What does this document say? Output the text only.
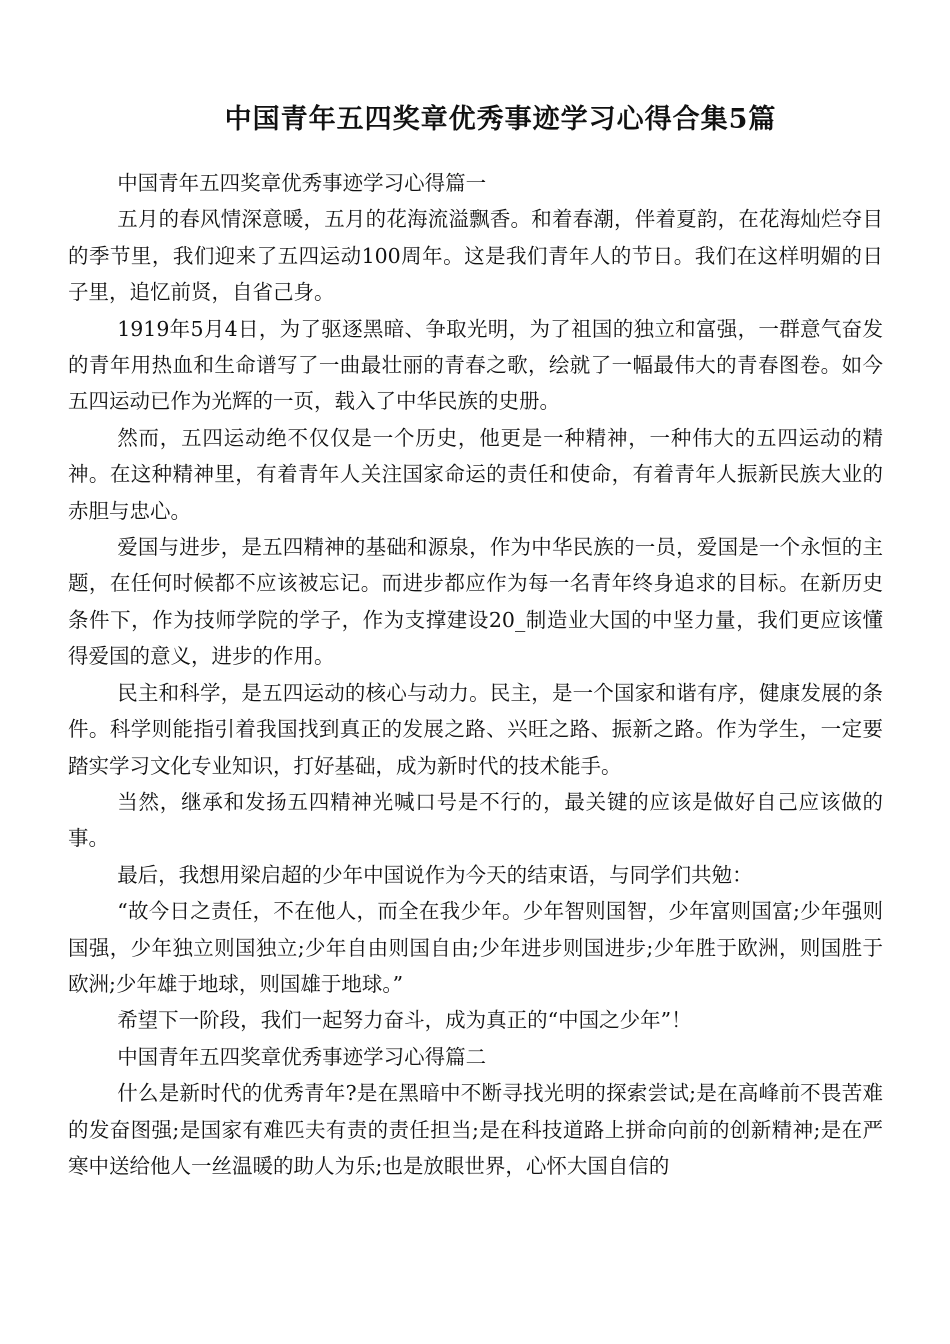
中国青年五四奖章优秀事迹学习心得合集5篇

中国青年五四奖章优秀事迹学习心得篇一

五月的春风情深意暖，五月的花海流溢飘香。和着春潮，伴着夏韵，在花海灿烂夺目的季节里，我们迎来了五四运动100周年。这是我们青年人的节日。我们在这样明媚的日子里，追忆前贤，自省己身。

1919年5月4日，为了驱逐黑暗、争取光明，为了祖国的独立和富强，一群意气奋发的青年用热血和生命谱写了一曲最壮丽的青春之歌，绘就了一幅最伟大的青春图卷。如今五四运动已作为光辉的一页，载入了中华民族的史册。

然而，五四运动绝不仅仅是一个历史，他更是一种精神，一种伟大的五四运动的精神。在这种精神里，有着青年人关注国家命运的责任和使命，有着青年人振新民族大业的赤胆与忠心。

爱国与进步，是五四精神的基础和源泉，作为中华民族的一员，爱国是一个永恒的主题，在任何时候都不应该被忘记。而进步都应作为每一名青年终身追求的目标。在新历史条件下，作为技师学院的学子，作为支撑建设20_制造业大国的中坚力量，我们更应该懂得爱国的意义，进步的作用。

民主和科学，是五四运动的核心与动力。民主，是一个国家和谐有序，健康发展的条件。科学则能指引着我国找到真正的发展之路、兴旺之路、振新之路。作为学生，一定要踏实学习文化专业知识，打好基础，成为新时代的技术能手。

当然，继承和发扬五四精神光喊口号是不行的，最关键的应该是做好自己应该做的事。

最后，我想用梁启超的少年中国说作为今天的结束语，与同学们共勉：

“故今日之责任，不在他人，而全在我少年。少年智则国智，少年富则国富;少年强则国强，少年独立则国独立;少年自由则国自由;少年进步则国进步;少年胜于欧洲，则国胜于欧洲;少年雄于地球，则国雄于地球。”

希望下一阶段，我们一起努力奋斗，成为真正的“中国之少年”！

中国青年五四奖章优秀事迹学习心得篇二

什么是新时代的优秀青年?是在黑暗中不断寻找光明的探索尝试;是在高峰前不畏苦难的发奋图强;是国家有难匹夫有责的责任担当;是在科技道路上拼命向前的创新精神;是在严寒中送给他人一丝温暖的助人为乐;也是放眼世界，心怀大国自信的
